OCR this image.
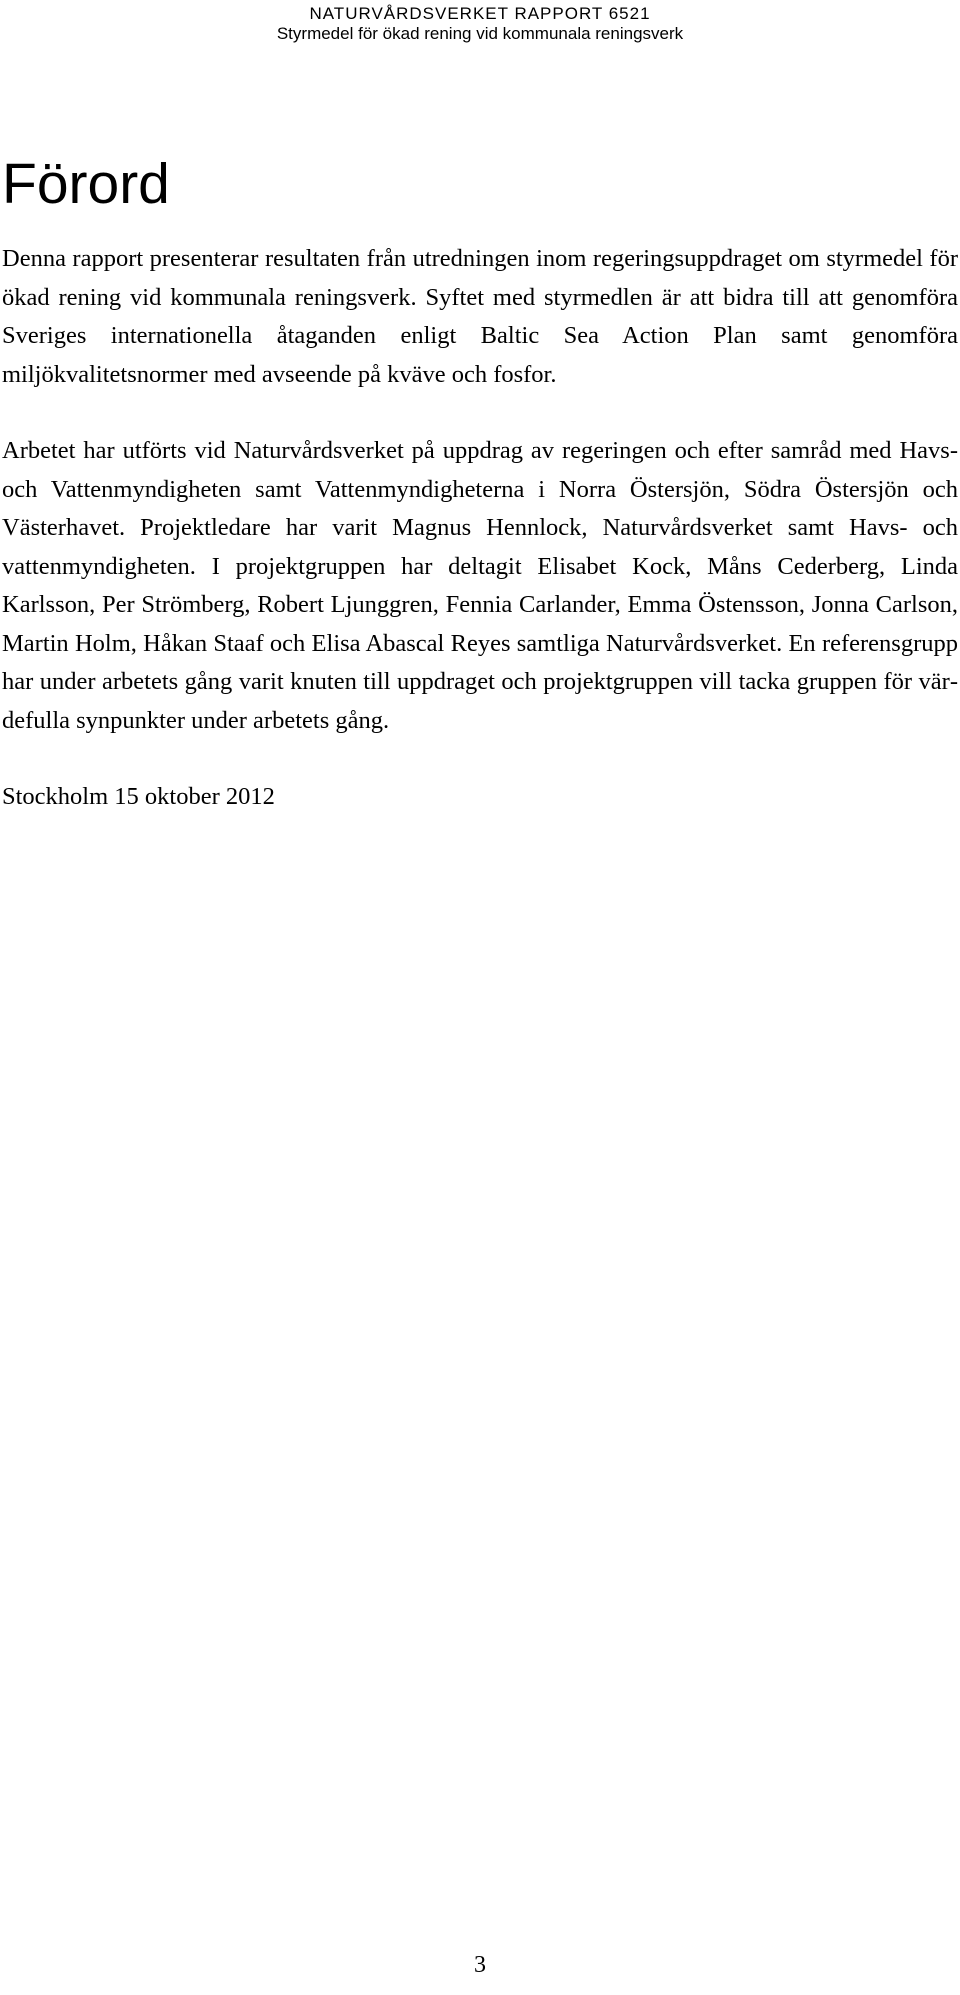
NATURVÅRDSVERKET RAPPORT 6521
Styrmedel för ökad rening vid kommunala reningsverk
Förord

Denna rapport presenterar resultaten från utredningen inom regeringsuppdraget om styrmedel för ökad rening vid kommunala reningsverk. Syftet med styrmedlen är att bidra till att genomföra Sveriges internationella åtaganden enligt Baltic Sea Action Plan samt genomföra miljökvalitetsnormer med avseende på kväve och fosfor.

Arbetet har utförts vid Naturvårdsverket på uppdrag av regeringen och efter samråd med Havs- och Vattenmyndigheten samt Vattenmyndigheterna i Norra Östersjön, Södra Östersjön och Västerhavet. Projektledare har varit Magnus Hennlock, Naturvårdsverket samt Havs- och vattenmyndigheten. I projektgruppen har deltagit Elisabet Kock, Måns Cederberg, Linda Karlsson, Per Strömberg, Robert Ljunggren, Fennia Carlander, Emma Östensson, Jonna Carlson, Martin Holm, Håkan Staaf och Elisa Abascal Reyes samtliga Naturvårdsverket. En referensgrupp har under arbetets gång varit knuten till uppdraget och projektgruppen vill tacka gruppen för värdefulla synpunkter under arbetets gång.

Stockholm 15 oktober 2012

3
